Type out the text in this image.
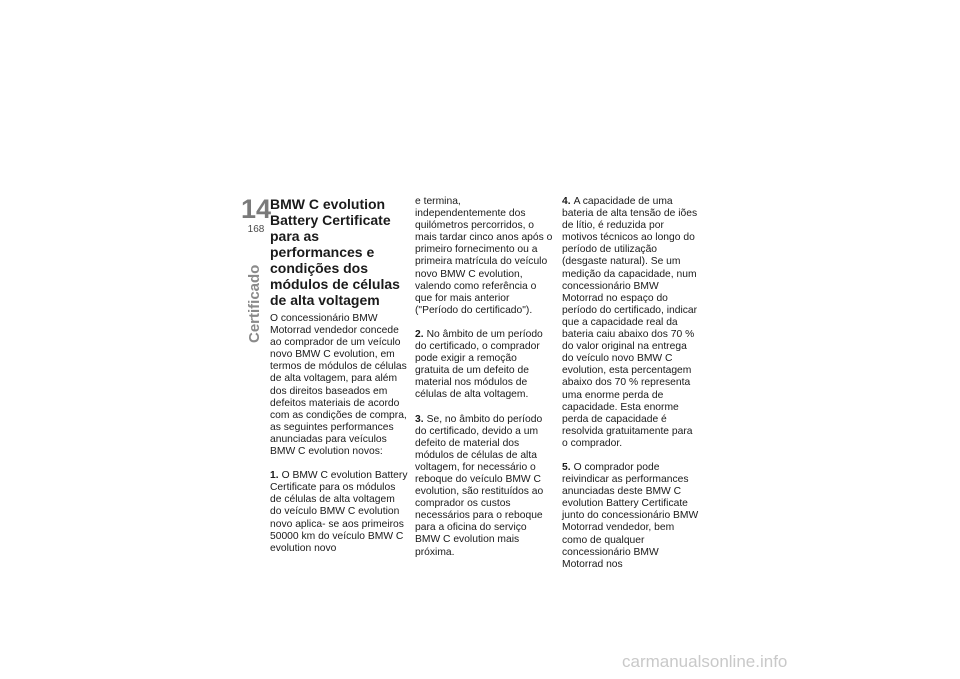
14
168
Certificado
BMW C evolution Battery Certificate para as performances e condições dos módulos de células de alta voltagem

O concessionário BMW Motorrad vendedor concede ao comprador de um veículo novo BMW C evolution, em termos de módulos de células de alta voltagem, para além dos direitos baseados em defeitos materiais de acordo com as condições de compra, as seguintes performances anunciadas para veículos BMW C evolution novos:

1. O BMW C evolution Battery Certificate para os módulos de células de alta voltagem do veículo BMW C evolution novo aplica- se aos primeiros 50000 km do veículo BMW C evolution novo

e termina, independentemente dos quilómetros percorridos, o mais tardar cinco anos após o primeiro fornecimento ou a primeira matrícula do veículo novo BMW C evolution, valendo como referência o que for mais anterior ("Período do certificado").

2. No âmbito de um período do certificado, o comprador pode exigir a remoção gratuita de um defeito de material nos módulos de células de alta voltagem.

3. Se, no âmbito do período do certificado, devido a um defeito de material dos módulos de células de alta voltagem, for necessário o reboque do veículo BMW C evolution, são restituídos ao comprador os custos necessários para o reboque para a oficina do serviço BMW C evolution mais próxima.

4. A capacidade de uma bateria de alta tensão de iões de lítio, é reduzida por motivos técnicos ao longo do período de utilização (desgaste natural). Se um medição da capacidade, num concessionário BMW Motorrad no espaço do período do certificado, indicar que a capacidade real da bateria caiu abaixo dos 70 % do valor original na entrega do veículo novo BMW C evolution, esta percentagem abaixo dos 70 % representa uma enorme perda de capacidade. Esta enorme perda de capacidade é resolvida gratuitamente para o comprador.

5. O comprador pode reivindicar as performances anunciadas deste BMW C evolution Battery Certificate junto do concessionário BMW Motorrad vendedor, bem como de qualquer concessionário BMW Motorrad nos

carmanualsonline.info
